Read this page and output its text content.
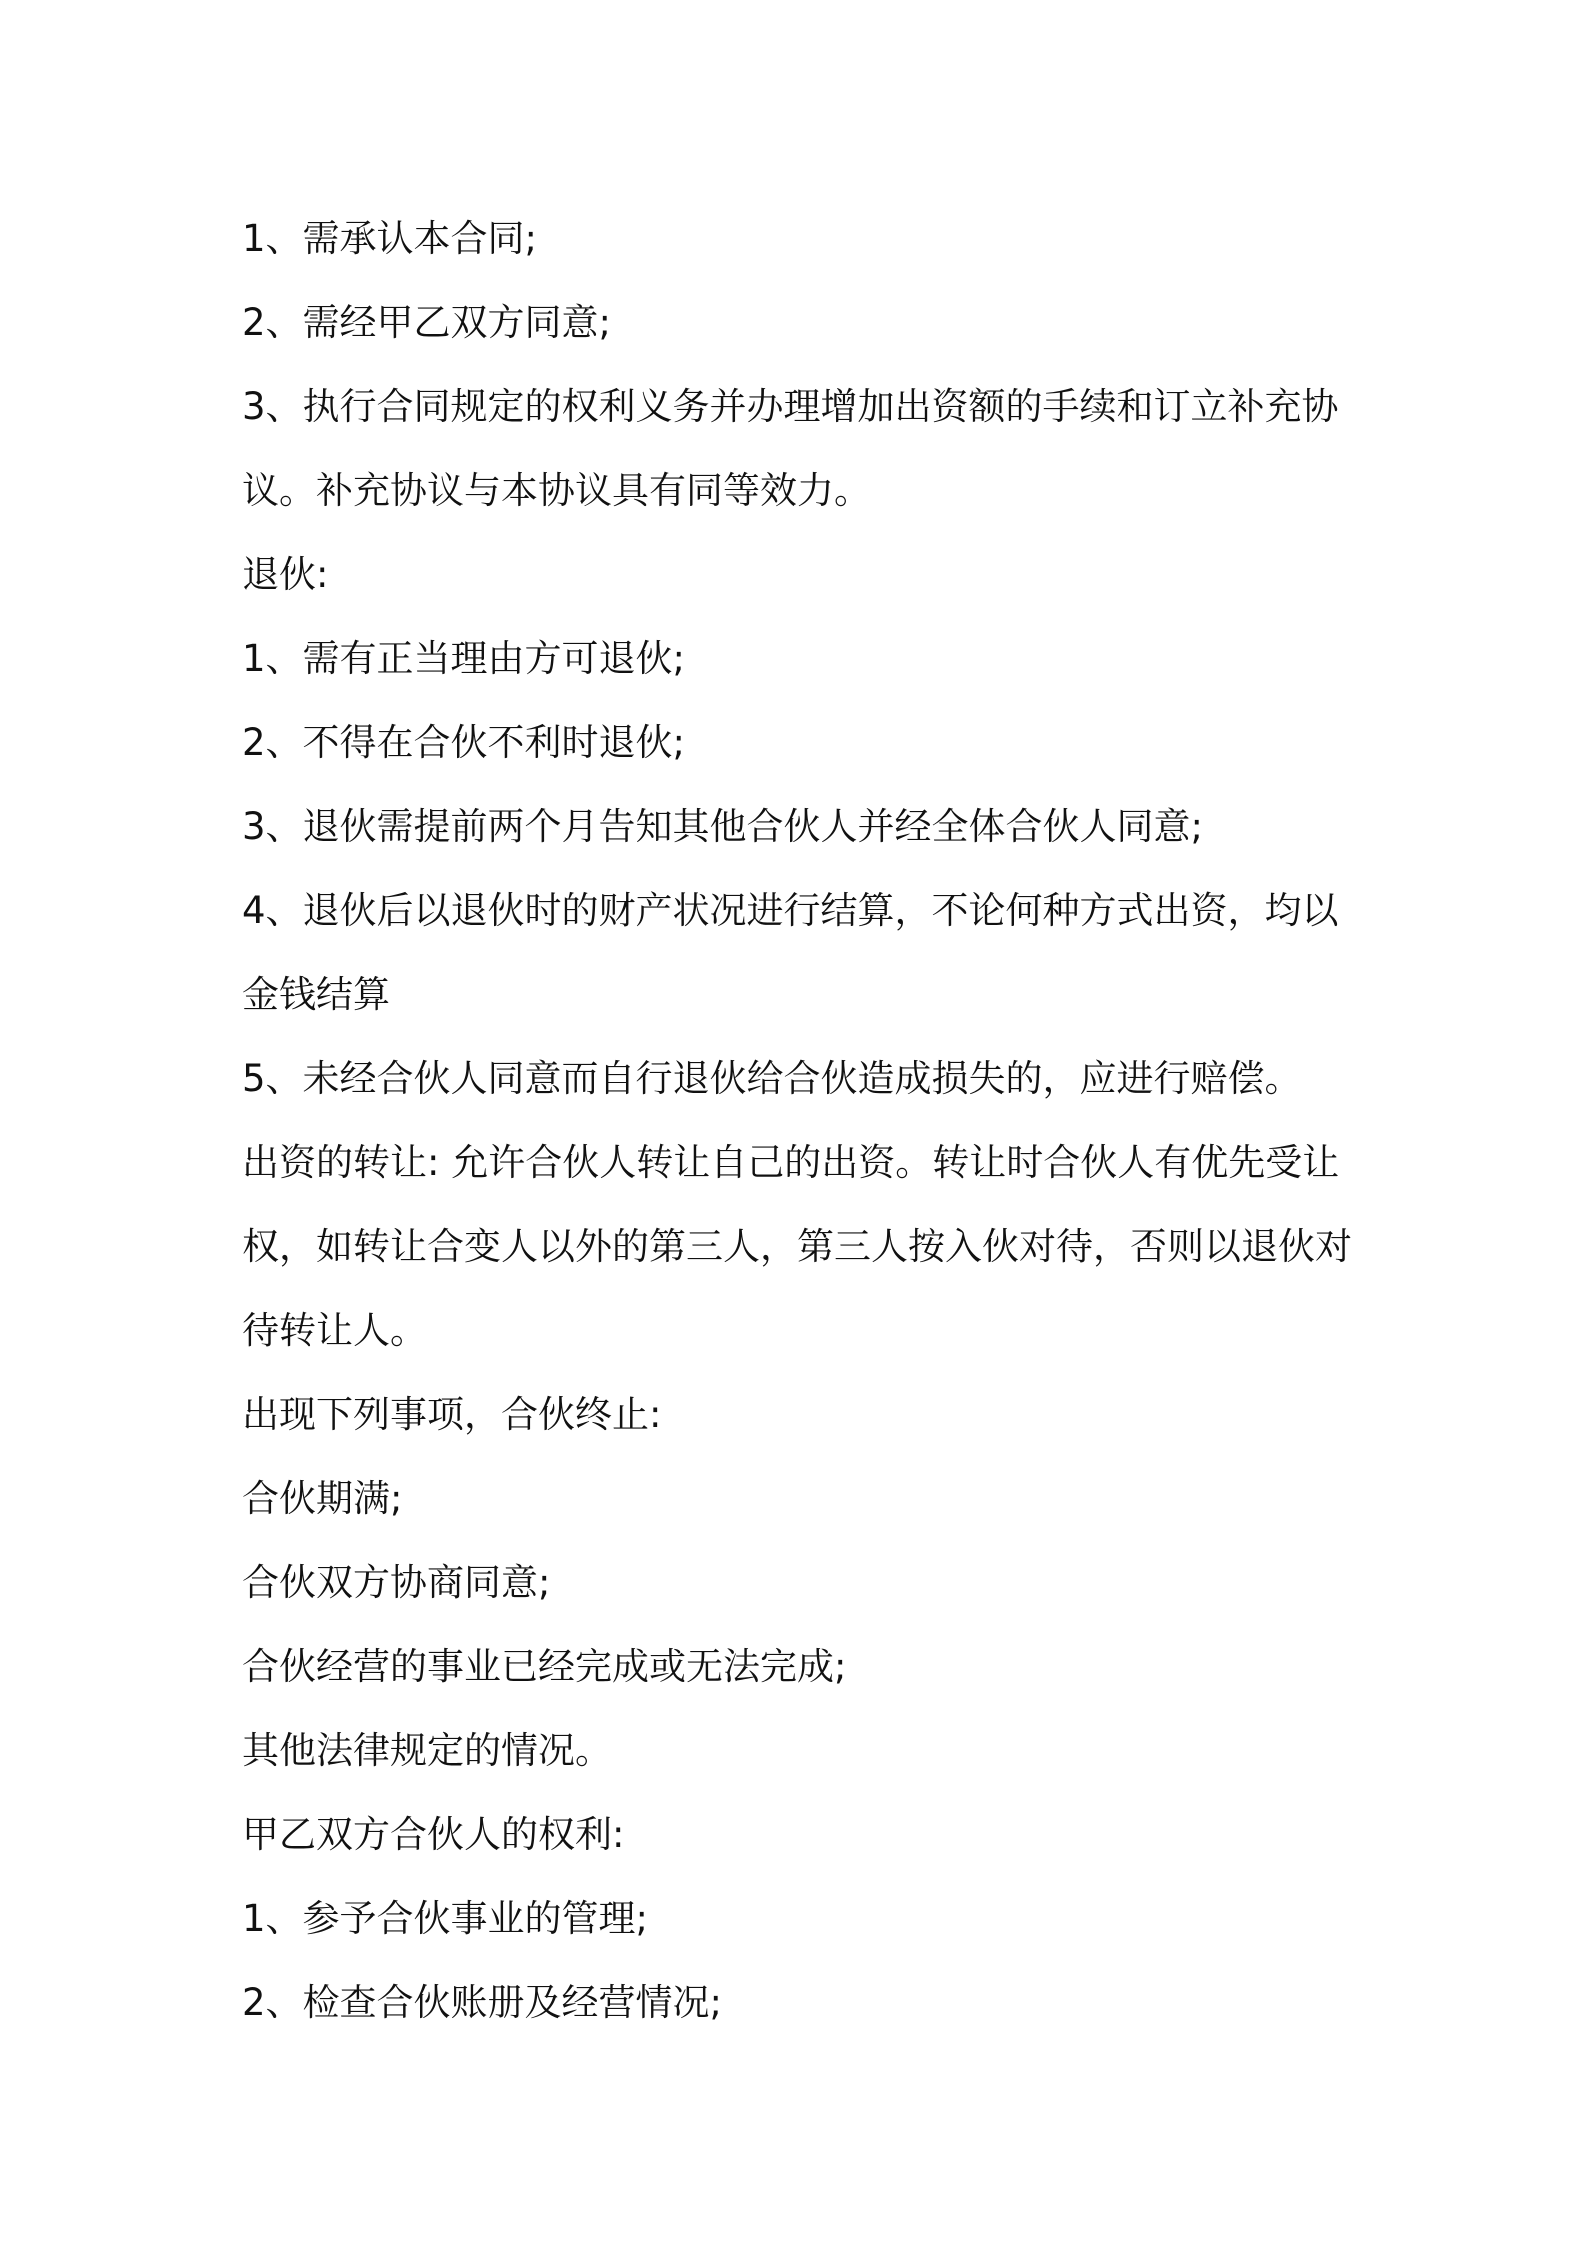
1、需承认本合同;

2、需经甲乙双方同意;

3、执行合同规定的权利义务并办理增加出资额的手续和订立补充协

议。补充协议与本协议具有同等效力。

退伙:

1、需有正当理由方可退伙;

2、不得在合伙不利时退伙;

3、退伙需提前两个月告知其他合伙人并经全体合伙人同意;

4、退伙后以退伙时的财产状况进行结算，不论何种方式出资，均以

金钱结算

5、未经合伙人同意而自行退伙给合伙造成损失的，应进行赔偿。

出资的转让: 允许合伙人转让自己的出资。转让时合伙人有优先受让

权，如转让合变人以外的第三人，第三人按入伙对待，否则以退伙对

待转让人。

出现下列事项，合伙终止:

合伙期满;

合伙双方协商同意;

合伙经营的事业已经完成或无法完成;

其他法律规定的情况。

甲乙双方合伙人的权利:

1、参予合伙事业的管理;

2、检查合伙账册及经营情况;
